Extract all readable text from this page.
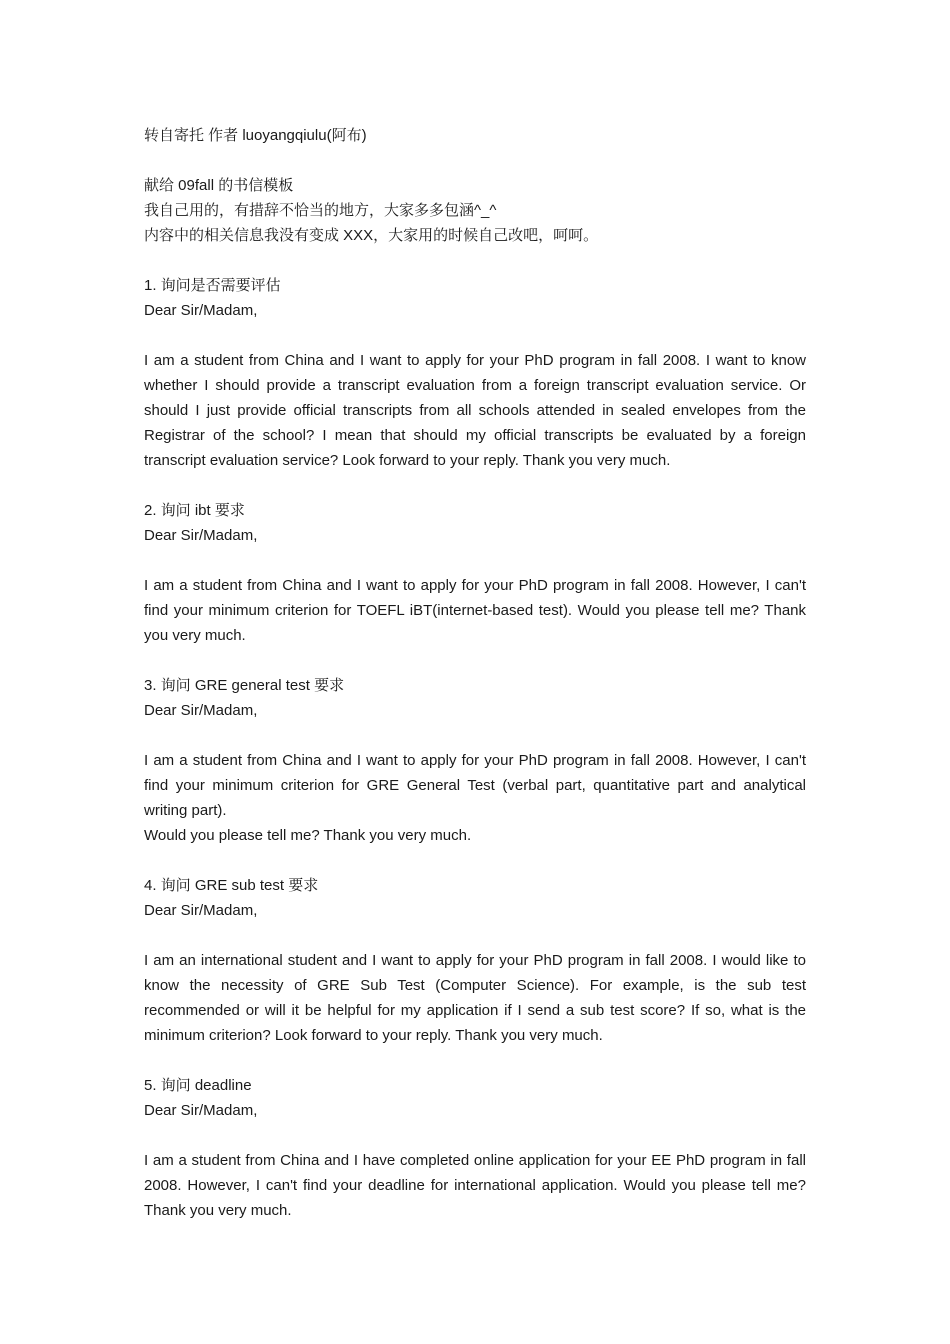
转自寄托 作者 luoyangqiulu(阿布)

献给 09fall 的书信模板

我自己用的，有措辞不恰当的地方，大家多多包涵^_^

内容中的相关信息我没有变成 XXX，大家用的时候自己改吧，呵呵。

1. 询问是否需要评估

Dear Sir/Madam,

I am a student from China and I want to apply for your PhD program in fall 2008. I want to know whether I should provide a transcript evaluation from a foreign transcript evaluation service. Or should I just provide official transcripts from all schools attended in sealed envelopes from the Registrar of the school? I mean that should my official transcripts be evaluated by a foreign transcript evaluation service? Look forward to your reply. Thank you very much.

2. 询问 ibt 要求

Dear Sir/Madam,

I am a student from China and I want to apply for your PhD program in fall 2008. However, I can't find your minimum criterion for TOEFL iBT(internet-based test). Would you please tell me? Thank you very much.

3. 询问 GRE general test 要求

Dear Sir/Madam,

I am a student from China and I want to apply for your PhD program in fall 2008. However, I can't find your minimum criterion for GRE General Test (verbal part, quantitative part and analytical writing part).

Would you please tell me? Thank you very much.

4. 询问 GRE sub test 要求

Dear Sir/Madam,

I am an international student and I want to apply for your PhD program in fall 2008. I would like to know the necessity of GRE Sub Test (Computer Science). For example, is the sub test recommended or will it be helpful for my application if I send a sub test score? If so, what is the minimum criterion? Look forward to your reply. Thank you very much.

5. 询问 deadline

Dear Sir/Madam,

I am a student from China and I have completed online application for your EE PhD program in fall 2008. However, I can't find your deadline for international application. Would you please tell me? Thank you very much.
